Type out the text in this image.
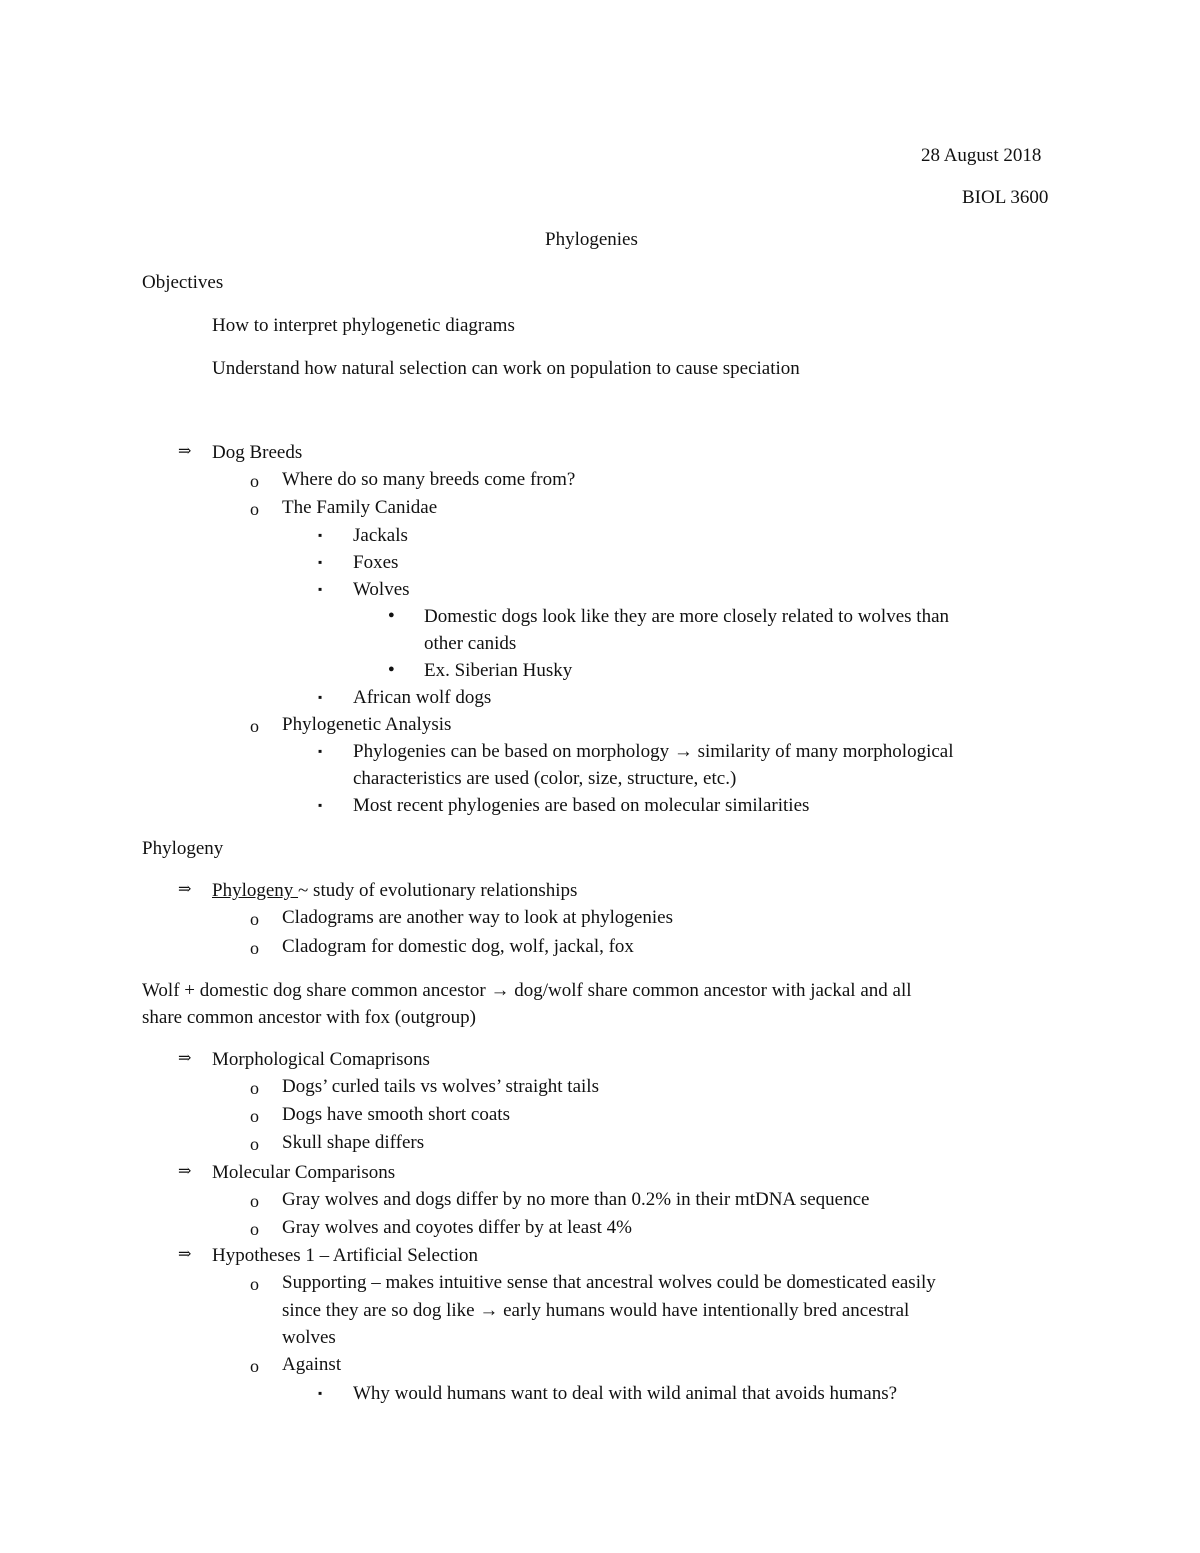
28 August 2018
BIOL 3600
Phylogenies
Objectives
How to interpret phylogenetic diagrams
Understand how natural selection can work on population to cause speciation
⇒ Dog Breeds
o Where do so many breeds come from?
o The Family Canidae
▪ Jackals
▪ Foxes
▪ Wolves
● Domestic dogs look like they are more closely related to wolves than
other canids
● Ex. Siberian Husky
▪ African wolf dogs
o Phylogenetic Analysis
▪ Phylogenies can be based on morphology → similarity of many morphological
characteristics are used (color, size, structure, etc.)
▪ Most recent phylogenies are based on molecular similarities
Phylogeny
⇒ Phylogeny ~ study of evolutionary relationships
o Cladograms are another way to look at phylogenies
o Cladogram for domestic dog, wolf, jackal, fox
Wolf + domestic dog share common ancestor → dog/wolf share common ancestor with jackal and all
share common ancestor with fox (outgroup)
⇒ Morphological Comaprisons
o Dogs’ curled tails vs wolves’ straight tails
o Dogs have smooth short coats
o Skull shape differs
⇒ Molecular Comparisons
o Gray wolves and dogs differ by no more than 0.2% in their mtDNA sequence
o Gray wolves and coyotes differ by at least 4%
⇒ Hypotheses 1 – Artificial Selection
o Supporting – makes intuitive sense that ancestral wolves could be domesticated easily
since they are so dog like → early humans would have intentionally bred ancestral
wolves
o Against
▪ Why would humans want to deal with wild animal that avoids humans?
